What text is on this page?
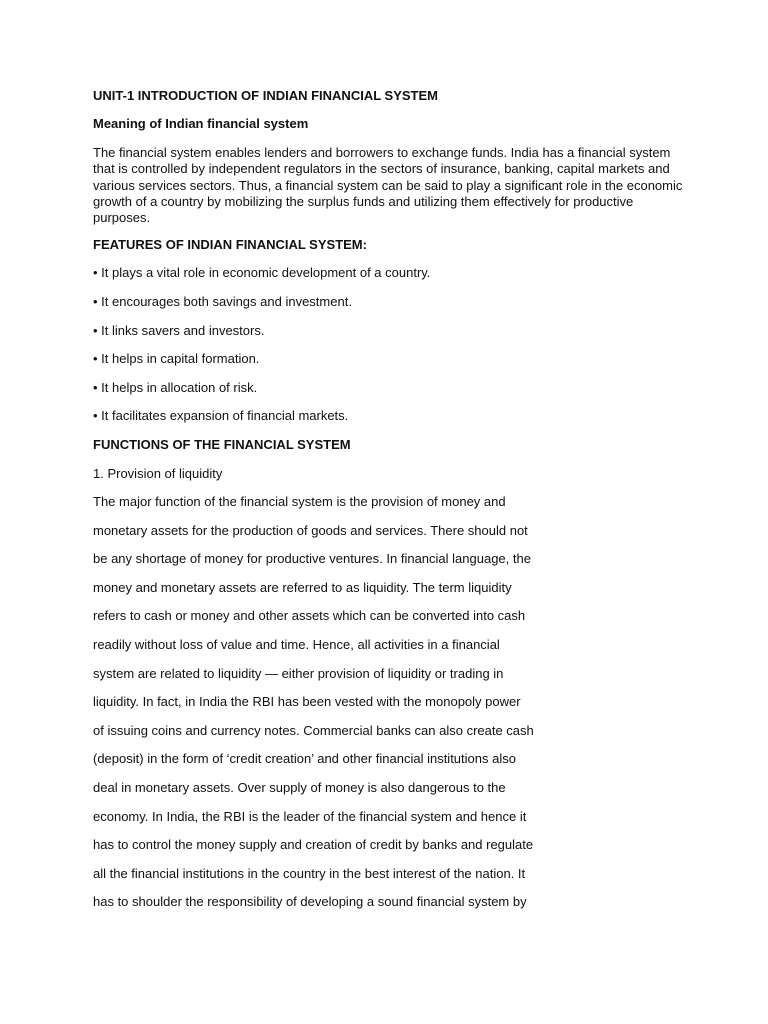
UNIT-1 INTRODUCTION OF INDIAN FINANCIAL SYSTEM

Meaning of Indian financial system

The financial system enables lenders and borrowers to exchange funds. India has a financial system that is controlled by independent regulators in the sectors of insurance, banking, capital markets and various services sectors. Thus, a financial system can be said to play a significant role in the economic growth of a country by mobilizing the surplus funds and utilizing them effectively for productive purposes.

FEATURES OF INDIAN FINANCIAL SYSTEM:

• It plays a vital role in economic development of a country.
• It encourages both savings and investment.
• It links savers and investors.
• It helps in capital formation.
• It helps in allocation of risk.
• It facilitates expansion of financial markets.

FUNCTIONS OF THE FINANCIAL SYSTEM

1. Provision of liquidity

The major function of the financial system is the provision of money and
monetary assets for the production of goods and services. There should not
be any shortage of money for productive ventures. In financial language, the
money and monetary assets are referred to as liquidity. The term liquidity
refers to cash or money and other assets which can be converted into cash
readily without loss of value and time. Hence, all activities in a financial
system are related to liquidity — either provision of liquidity or trading in
liquidity. In fact, in India the RBI has been vested with the monopoly power
of issuing coins and currency notes. Commercial banks can also create cash
(deposit) in the form of ‘credit creation’ and other financial institutions also
deal in monetary assets. Over supply of money is also dangerous to the
economy. In India, the RBI is the leader of the financial system and hence it
has to control the money supply and creation of credit by banks and regulate
all the financial institutions in the country in the best interest of the nation. It
has to shoulder the responsibility of developing a sound financial system by
